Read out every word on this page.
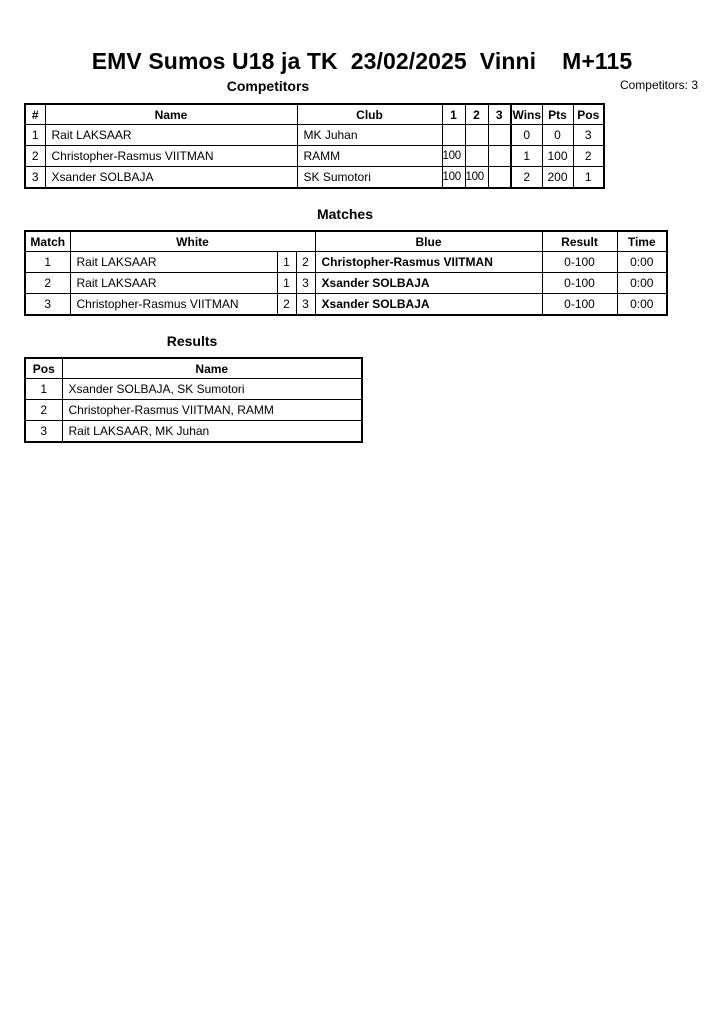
EMV Sumos U18 ja TK  23/02/2025  Vinni    M+115
Competitors	Competitors: 3
#	Name	Club	1	2	3	Wins	Pts	Pos
1	Rait LAKSAAR	MK Juhan				0	0	3
2	Christopher-Rasmus VIITMAN	RAMM	100			1	100	2
3	Xsander SOLBAJA	SK Sumotori	100	100		2	200	1
Matches
Match	White			Blue	Result	Time
1	Rait LAKSAAR	1	2	Christopher-Rasmus VIITMAN	0-100	0:00
2	Rait LAKSAAR	1	3	Xsander SOLBAJA	0-100	0:00
3	Christopher-Rasmus VIITMAN	2	3	Xsander SOLBAJA	0-100	0:00
Results
Pos	Name
1	Xsander SOLBAJA, SK Sumotori
2	Christopher-Rasmus VIITMAN, RAMM
3	Rait LAKSAAR, MK Juhan
